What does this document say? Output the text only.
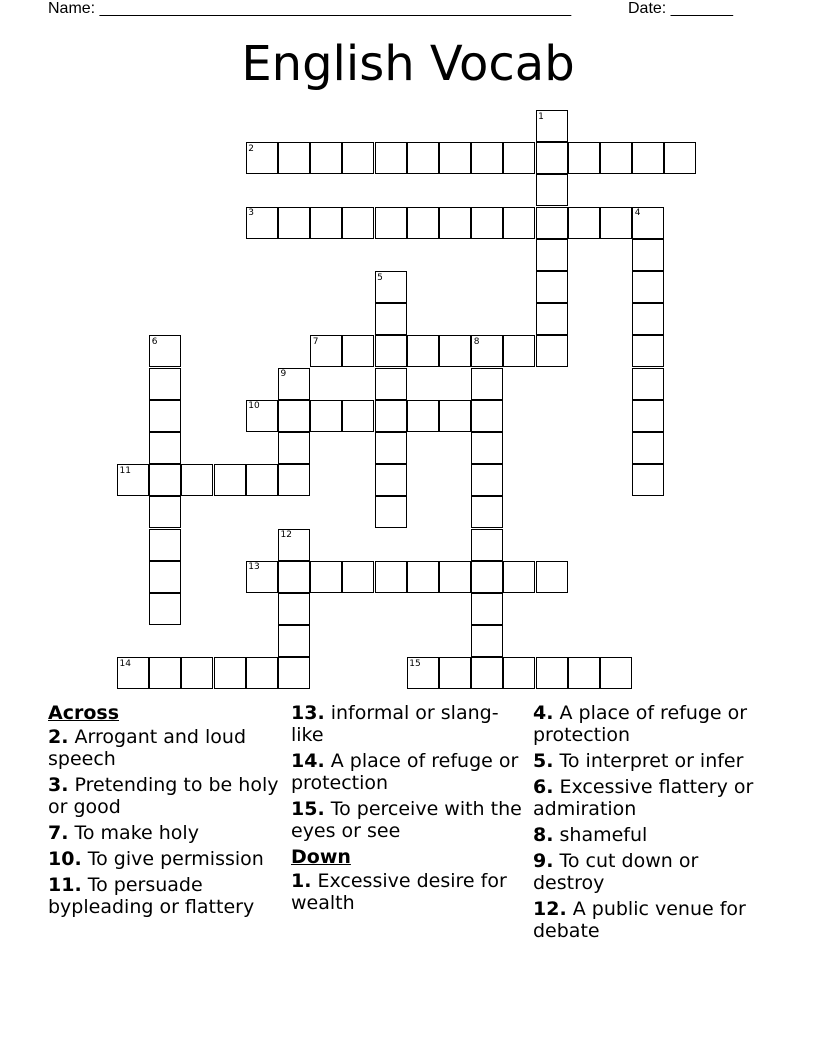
Name: _____________________________________________________	Date: _______
English Vocab
1
2
3	4
5
6	7	8
9
10
11
12
13
14	15
Across
2. Arrogant and loud speech
3. Pretending to be holy or good
7. To make holy
10. To give permission
11. To persuade bypleading or flattery
13. informal or slang-like
14. A place of refuge or protection
15. To perceive with the eyes or see
Down
1. Excessive desire for wealth
4. A place of refuge or protection
5. To interpret or infer
6. Excessive flattery or admiration
8. shameful
9. To cut down or destroy
12. A public venue for debate
